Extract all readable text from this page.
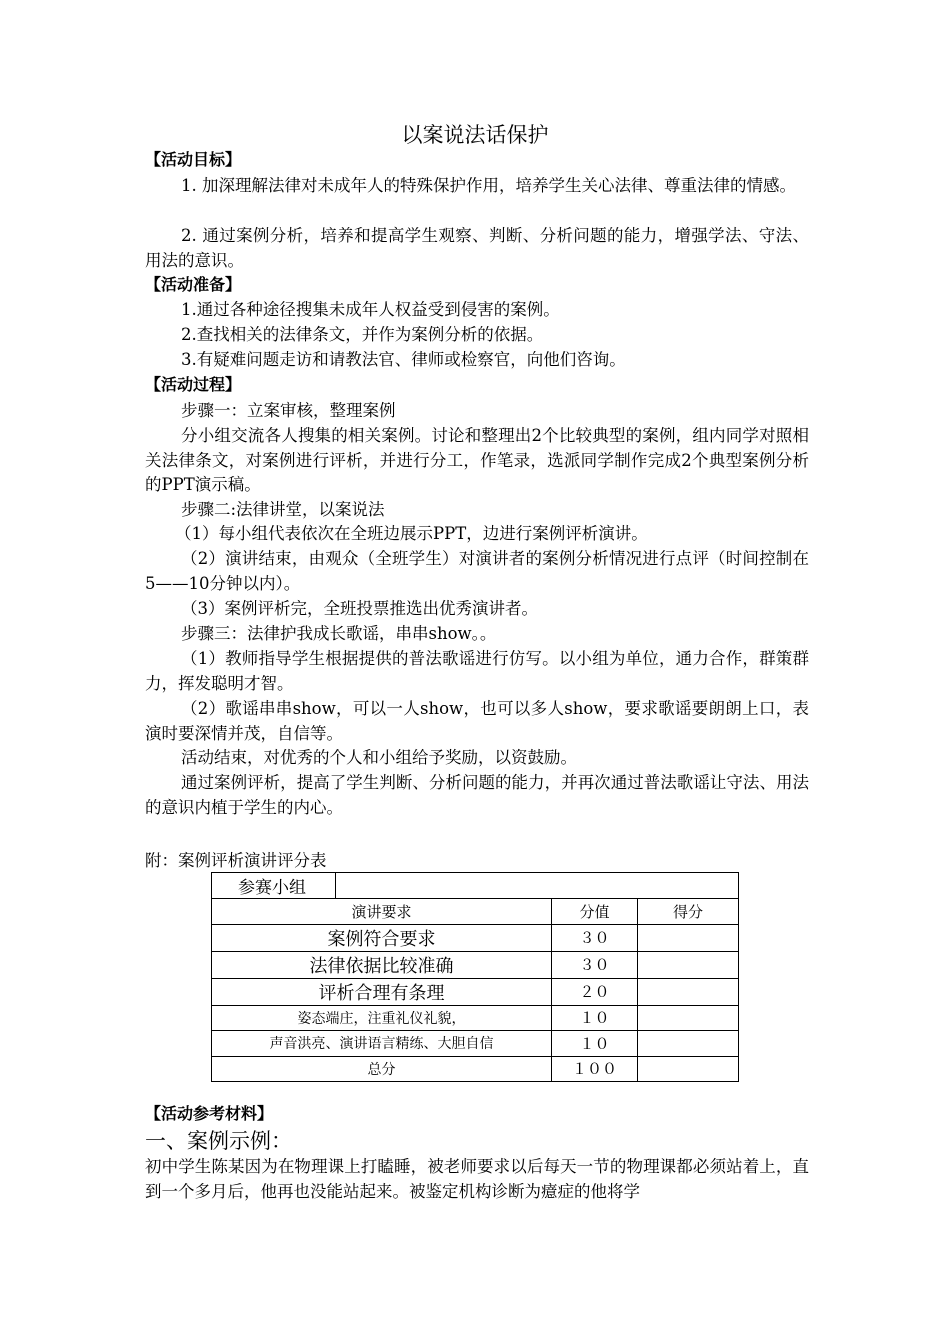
以案说法话保护
【活动目标】
1. 加深理解法律对未成年人的特殊保护作用，培养学生关心法律、尊重法律的情感。
2. 通过案例分析，培养和提高学生观察、判断、分析问题的能力，增强学法、守法、用法的意识。
【活动准备】
1.通过各种途径搜集未成年人权益受到侵害的案例。
2.查找相关的法律条文，并作为案例分析的依据。
3.有疑难问题走访和请教法官、律师或检察官，向他们咨询。
【活动过程】
步骤一：立案审核，整理案例
分小组交流各人搜集的相关案例。讨论和整理出2个比较典型的案例，组内同学对照相关法律条文，对案例进行评析，并进行分工，作笔录，选派同学制作完成2个典型案例分析的PPT演示稿。
步骤二:法律讲堂，以案说法
（1）每小组代表依次在全班边展示PPT，边进行案例评析演讲。
（2）演讲结束，由观众（全班学生）对演讲者的案例分析情况进行点评（时间控制在5——10分钟以内）。
（3）案例评析完，全班投票推选出优秀演讲者。
步骤三：法律护我成长歌谣，串串show。。
（1）教师指导学生根据提供的普法歌谣进行仿写。以小组为单位，通力合作，群策群力，挥发聪明才智。
（2）歌谣串串show，可以一人show，也可以多人show，要求歌谣要朗朗上口，表演时要深情并茂，自信等。
活动结束，对优秀的个人和小组给予奖励，以资鼓励。
通过案例评析，提高了学生判断、分析问题的能力，并再次通过普法歌谣让守法、用法的意识内植于学生的内心。
附：案例评析演讲评分表
参赛小组			
演讲要求		分值	得分
案例符合要求		３０	
法律依据比较准确		３０	
评析合理有条理		２０	
姿态端庄，注重礼仪礼貌，		１０	
声音洪亮、演讲语言精练、大胆自信		１０	
总分		１００	
【活动参考材料】
一、案例示例：
初中学生陈某因为在物理课上打瞌睡，被老师要求以后每天一节的物理课都必须站着上，直到一个多月后，他再也没能站起来。被鉴定机构诊断为癔症的他将学
